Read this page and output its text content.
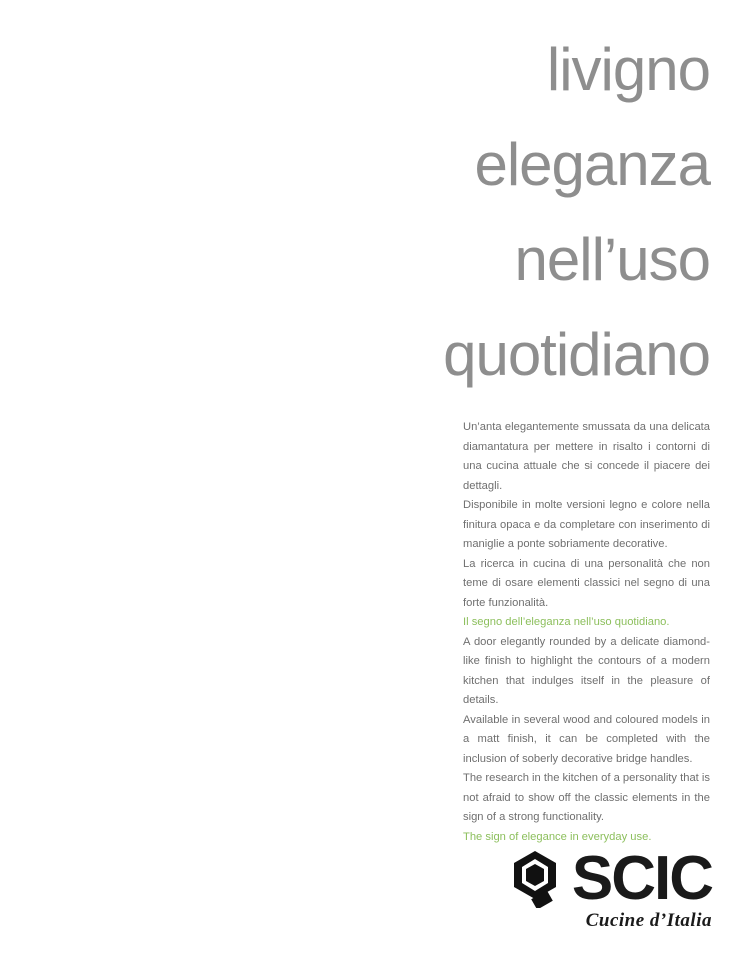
livigno
eleganza
nell’uso
quotidiano

Un’anta elegantemente smussata da una delicata diamantatura per mettere in risalto i contorni di una cucina attuale che si concede il piacere dei dettagli.

Disponibile in molte versioni legno e colore nella finitura opaca e da completare con inserimento di maniglie a ponte sobriamente decorative.

La ricerca in cucina di una personalità che non teme di osare elementi classici nel segno di una forte funzionalità.

Il segno dell’eleganza nell’uso quotidiano.

A door elegantly rounded by a delicate diamond-like finish to highlight the contours of a modern kitchen that indulges itself in the pleasure of details.

Available in several wood and coloured models in a matt finish, it can be completed with the inclusion of soberly decorative bridge handles.

The research in the kitchen of a personality that is not afraid to show off the classic elements in the sign of a strong functionality.

The sign of elegance in everyday use.

SCIC
Cucine d’Italia
